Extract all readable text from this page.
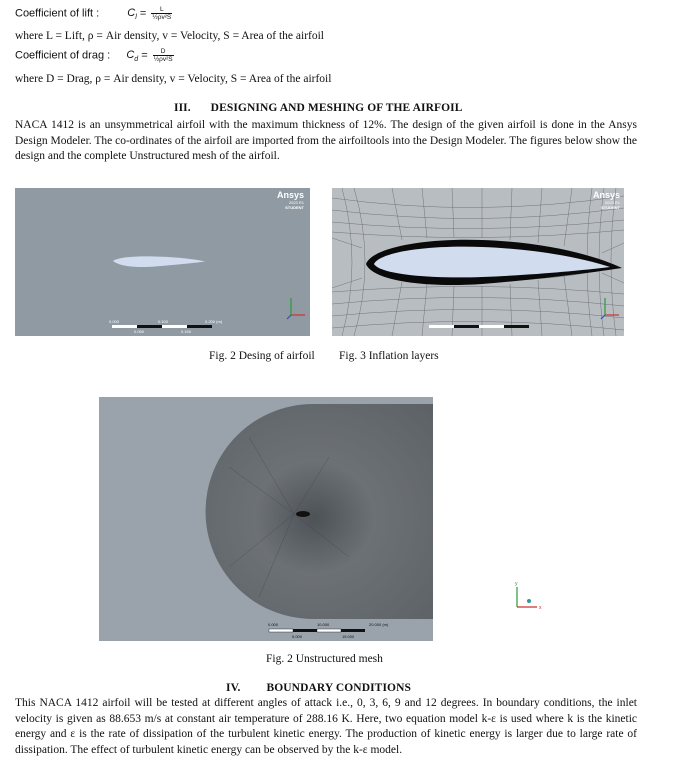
Coefficient of lift :	$C_l = \frac{L}{\text{½ρv²S}}$
where L = Lift, ρ = Air density, v = Velocity, S = Area of the airfoil
Coefficient of drag : $C_d = \frac{D}{\text{½ρv²S}}$
where D = Drag, ρ = Air density, v = Velocity, S = Area of the airfoil
III. DESIGNING AND MESHING OF THE AIRFOIL
NACA 1412 is an unsymmetrical airfoil with the maximum thickness of 12%. The design of the given airfoil is done in the Ansys Design Modeler. The co-ordinates of the airfoil are imported from the airfoiltools into the Design Modeler. The figures below show the design and the complete Unstructured mesh of the airfoil.
Ansys
2023 R1
STUDENT
0.000	0.100	0.200 (m)
0.050	0.150
Ansys
2023 R1
STUDENT
Fig. 2 Desing of airfoil Fig. 3 Inflation layers
0.000	10.000	20.000 (m)
5.000	15.000
y
x
Ansys
2023 R1
STUDENT
Fig. 2 Unstructured mesh
IV. BOUNDARY CONDITIONS
This NACA 1412 airfoil will be tested at different angles of attack i.e., 0, 3, 6, 9 and 12 degrees. In boundary conditions, the inlet velocity is given as 88.653 m/s at constant air temperature of 288.16 K. Here, two equation model k-ε is used where k is the kinetic energy and ε is the rate of dissipation of the turbulent kinetic energy. The production of kinetic energy is larger due to large rate of dissipation. The effect of turbulent kinetic energy can be observed by the k-ε model.
